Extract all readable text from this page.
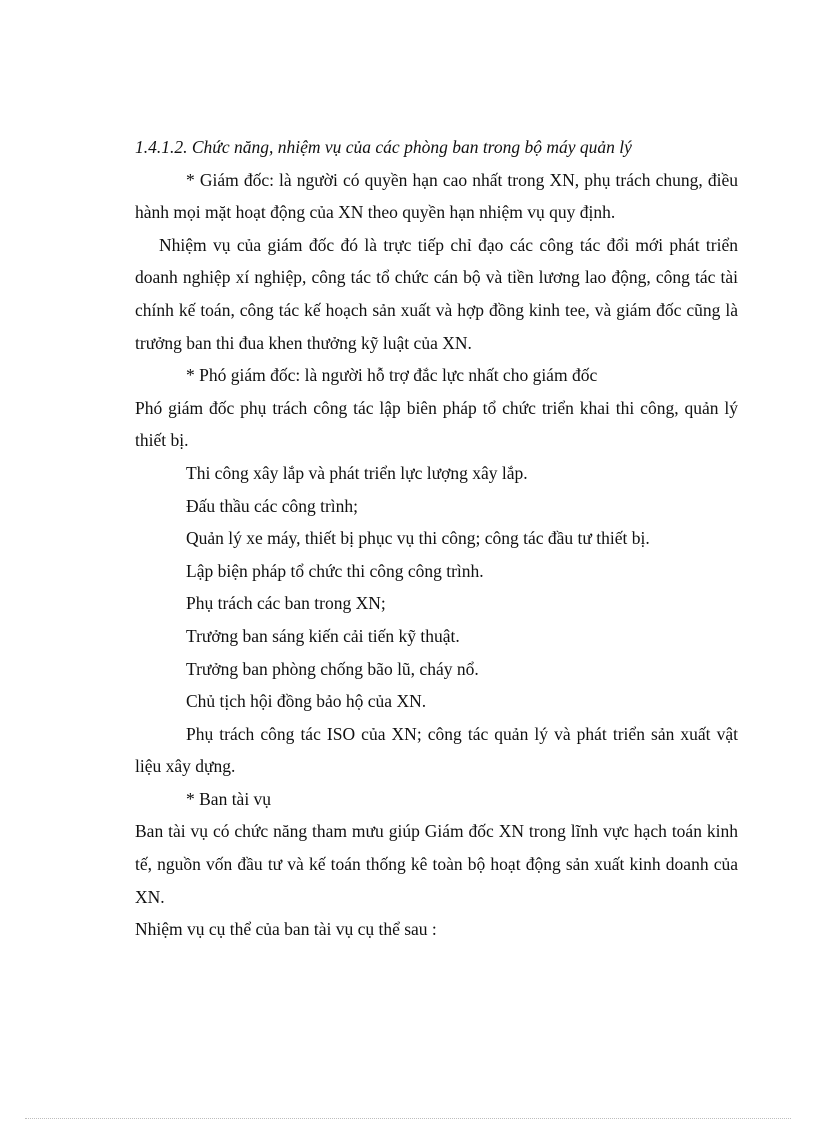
1.4.1.2. Chức năng, nhiệm vụ của các phòng ban trong bộ máy quản lý

* Giám đốc: là người có quyền hạn cao nhất trong XN, phụ trách chung, điều hành mọi mặt hoạt động của XN theo quyền hạn nhiệm vụ quy định.

Nhiệm vụ của giám đốc đó là trực tiếp chỉ đạo các công tác đổi mới phát triển doanh nghiệp xí nghiệp, công tác tổ chức cán bộ và tiền lương lao động, công tác tài chính kế toán, công tác kế hoạch sản xuất và hợp đồng kinh tee, và giám đốc cũng là trưởng ban thi đua khen thưởng kỹ luật của XN.

* Phó giám đốc: là người hỗ trợ đắc lực nhất cho giám đốc

Phó giám đốc phụ trách công tác lập biên pháp tổ chức triển khai thi công, quản lý thiết bị.

Thi công xây lắp và phát triển lực lượng xây lắp.

Đấu thầu các công trình;

Quản lý xe máy, thiết bị phục vụ thi công; công tác đầu tư thiết bị.

Lập biện pháp tổ chức thi công công trình.

Phụ trách các ban trong XN;

Trưởng ban sáng kiến cải tiến kỹ thuật.

Trưởng ban phòng chống bão lũ, cháy nổ.

Chủ tịch hội đồng bảo hộ của XN.

Phụ trách công tác ISO của XN; công tác quản lý và phát triển sản xuất vật liệu xây dựng.

* Ban tài vụ

Ban tài vụ có chức năng tham mưu giúp Giám đốc XN trong lĩnh vực hạch toán kinh tế, nguồn vốn đầu tư và kế toán thống kê toàn bộ hoạt động sản xuất kinh doanh của XN.

Nhiệm vụ cụ thể của ban tài vụ cụ thể sau :
